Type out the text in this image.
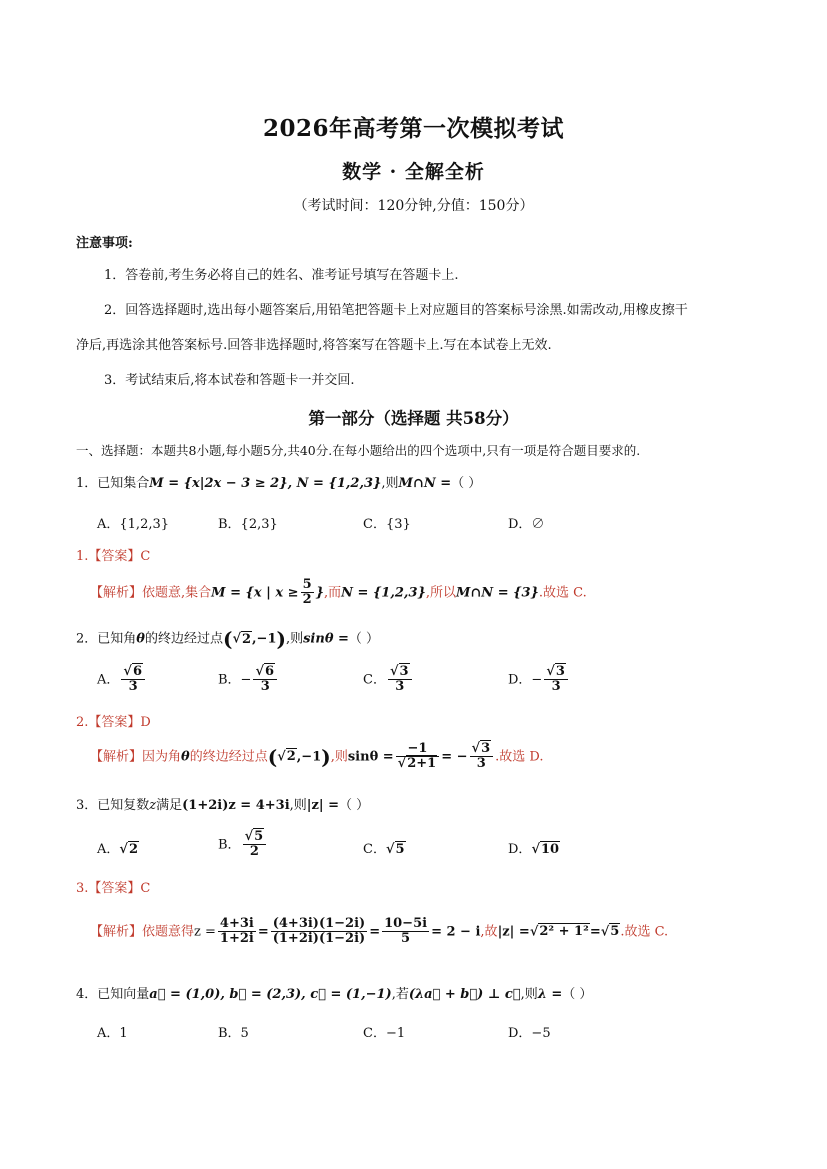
2026年高考第一次模拟考试
数学 · 全解全析
（考试时间：120分钟,分值：150分）
注意事项:
1．答卷前,考生务必将自己的姓名、准考证号填写在答题卡上.
2．回答选择题时,选出每小题答案后,用铅笔把答题卡上对应题目的答案标号涂黑.如需改动,用橡皮擦干
净后,再选涂其他答案标号.回答非选择题时,将答案写在答题卡上.写在本试卷上无效.
3．考试结束后,将本试卷和答题卡一并交回.
第一部分（选择题 共58分）
一、选择题：本题共8小题,每小题5分,共40分.在每小题给出的四个选项中,只有一项是符合题目要求的.
1．已知集合M = {x|2x − 3 ≥ 2}, N = {1,2,3},则M∩N =（ ）
A．{1,2,3}	B．{2,3}	C．{3}	D．∅
1.【答案】C
【解析】依题意,集合M = {x | $x \ge \frac{5}{2}$ },而N = {1,2,3},所以M∩N = {3}.故选 C.
2．已知角θ的终边经过点(√2,−1),则sinθ =（ ）
A． $\frac{√6}{3}$	B．− $\frac{√6}{3}$	C． $\frac{√3}{3}$	D．− $\frac{√3}{3}$
2.【答案】D
【解析】因为角θ的终边经过点(√2,−1),则$\sin\theta = \frac{-1}{√2+1}$ = − $\frac{√3}{3}$ .故选 D.
3．已知复数z满足(1+2i)z = 4+3i,则|z| =（ ）
A．√2	B． $\frac{√5}{2}$	C．√5	D．√10
3.【答案】C
【解析】依题意得$z = \frac{4+3i}{1+2i} = \frac{(4+3i)(1-2i)}{(1+2i)(1-2i)} = \frac{10-5i}{5} = 2 - i$,故|z| =√2² + 1²=√5.故选 C.
4．已知向量a⃗ = (1,0), b⃗ = (2,3), c⃗ = (1,−1),若(λa⃗ + b⃗) ⊥ c⃗,则λ =（ ）
A．1	B．5	C．−1	D．−5
